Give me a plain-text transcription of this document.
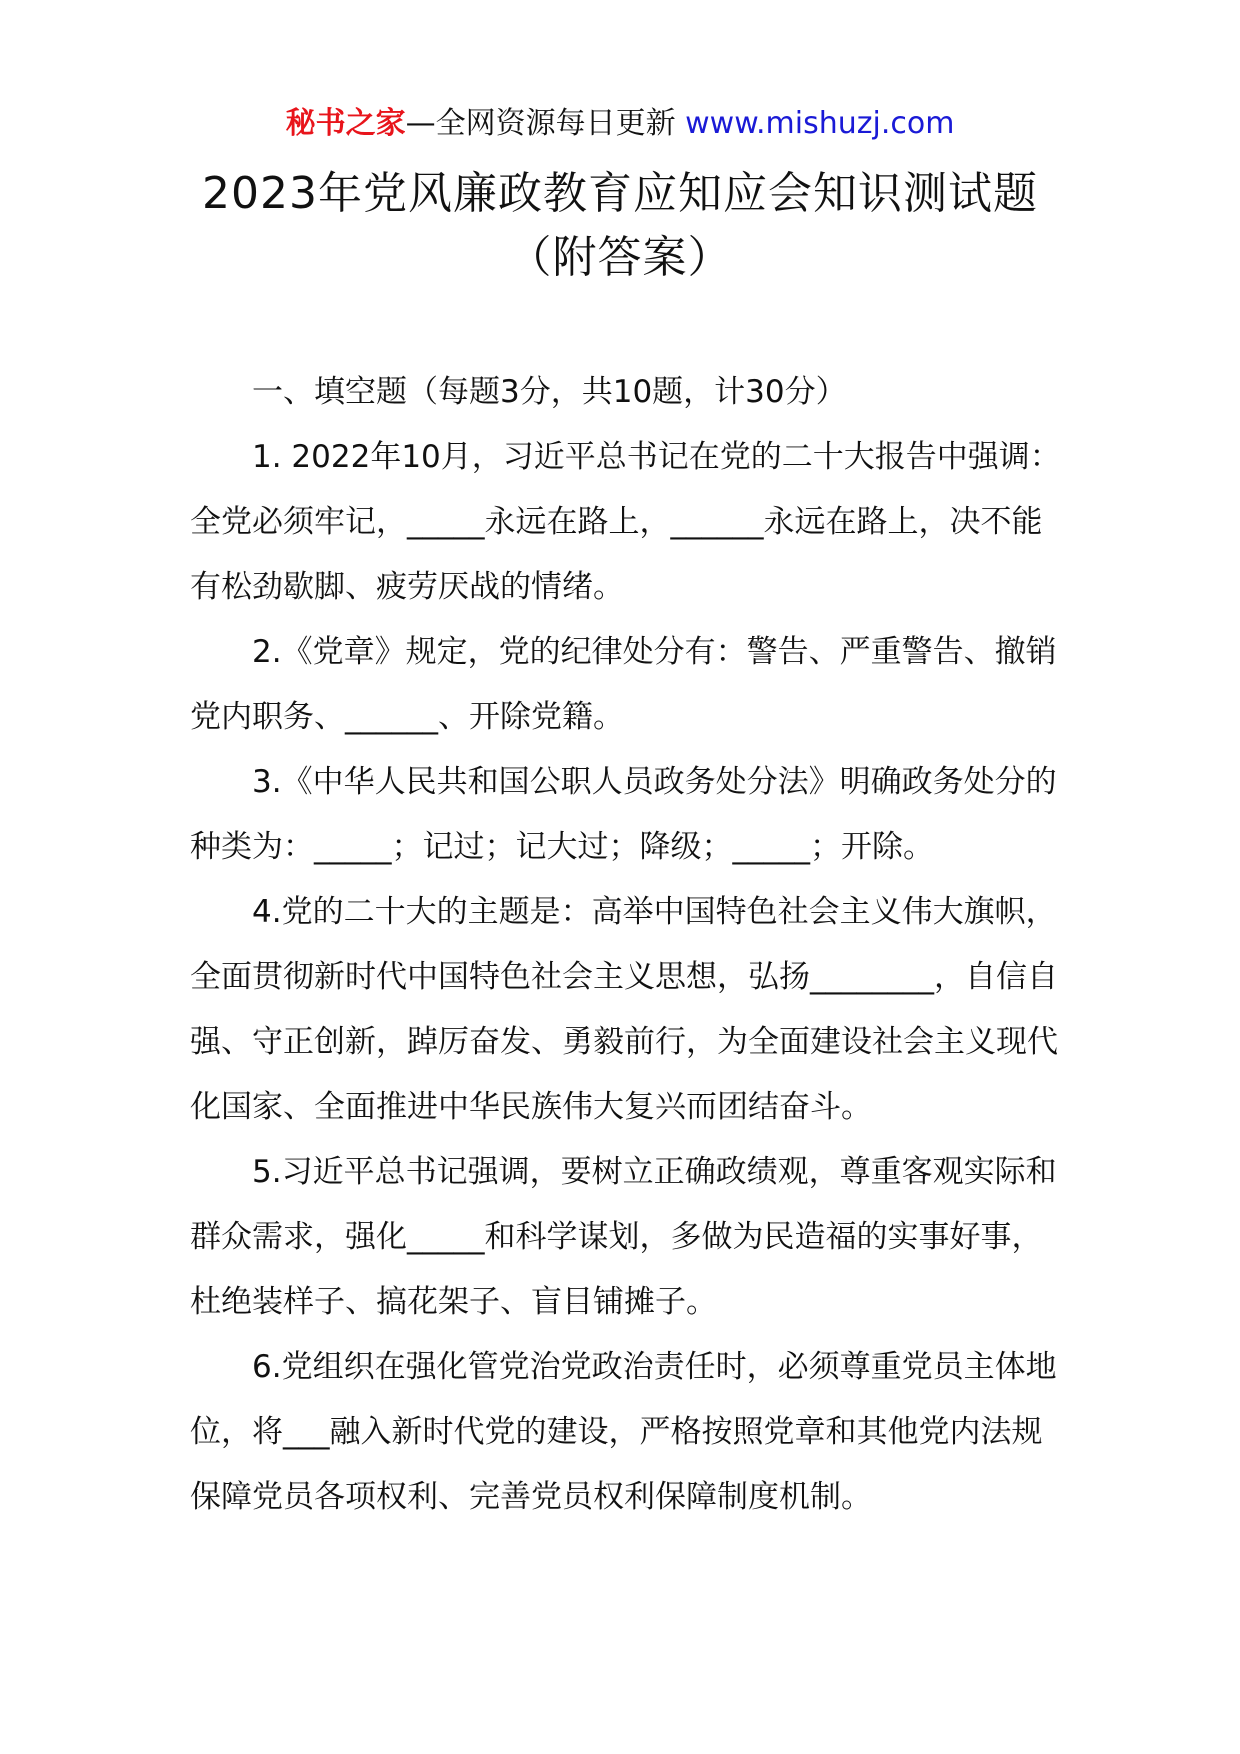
秘书之家—全网资源每日更新 www.mishuzj.com
2023年党风廉政教育应知应会知识测试题
（附答案）

一、填空题（每题3分，共10题，计30分）

1. 2022年10月，习近平总书记在党的二十大报告中强调：全党必须牢记，_____永远在路上，______永远在路上，决不能有松劲歇脚、疲劳厌战的情绪。

2.《党章》规定，党的纪律处分有：警告、严重警告、撤销党内职务、______、开除党籍。

3.《中华人民共和国公职人员政务处分法》明确政务处分的种类为：_____；记过；记大过；降级；_____；开除。

4.党的二十大的主题是：高举中国特色社会主义伟大旗帜，全面贯彻新时代中国特色社会主义思想，弘扬________，自信自强、守正创新，踔厉奋发、勇毅前行，为全面建设社会主义现代化国家、全面推进中华民族伟大复兴而团结奋斗。

5.习近平总书记强调，要树立正确政绩观，尊重客观实际和群众需求，强化_____和科学谋划，多做为民造福的实事好事，杜绝装样子、搞花架子、盲目铺摊子。

6.党组织在强化管党治党政治责任时，必须尊重党员主体地位，将___融入新时代党的建设，严格按照党章和其他党内法规保障党员各项权利、完善党员权利保障制度机制。
